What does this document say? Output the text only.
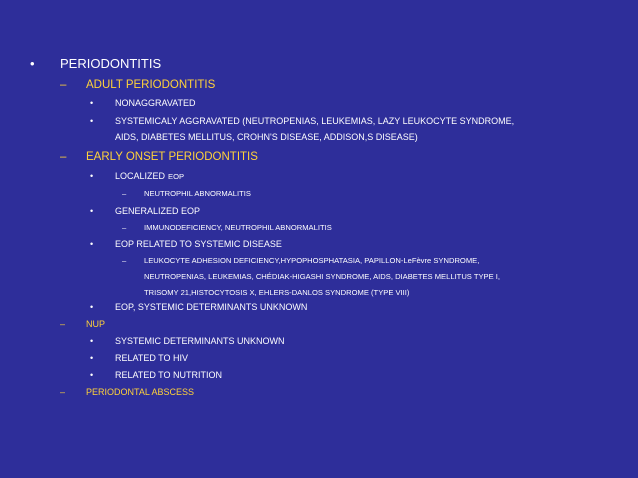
•	PERIODONTITIS
–	ADULT PERIODONTITIS
•	NONAGGRAVATED
•	SYSTEMICALY AGGRAVATED (NEUTROPENIAS, LEUKEMIAS, LAZY LEUKOCYTE SYNDROME,
AIDS, DIABETES MELLITUS, CROHN'S DISEASE, ADDISON,S DISEASE)
–	EARLY ONSET PERIODONTITIS
•	LOCALIZED EOP
–	NEUTROPHIL ABNORMALITIS
•	GENERALIZED EOP
–	IMMUNODEFICIENCY, NEUTROPHIL ABNORMALITIS
•	EOP RELATED TO SYSTEMIC DISEASE
–	LEUKOCYTE ADHESION DEFICIENCY,HYPOPHOSPHATASIA, PAPILLON-LeFèvre SYNDROME,
NEUTROPENIAS, LEUKEMIAS, CHÉDIAK-HIGASHI SYNDROME, AIDS, DIABETES MELLITUS TYPE I,
TRISOMY 21,HISTOCYTOSIS X, EHLERS-DANLOS SYNDROME (TYPE VIII)
•	EOP, SYSTEMIC DETERMINANTS UNKNOWN
–	NUP
•	SYSTEMIC DETERMINANTS UNKNOWN
•	RELATED TO HIV
•	RELATED TO NUTRITION
–	PERIODONTAL ABSCESS
